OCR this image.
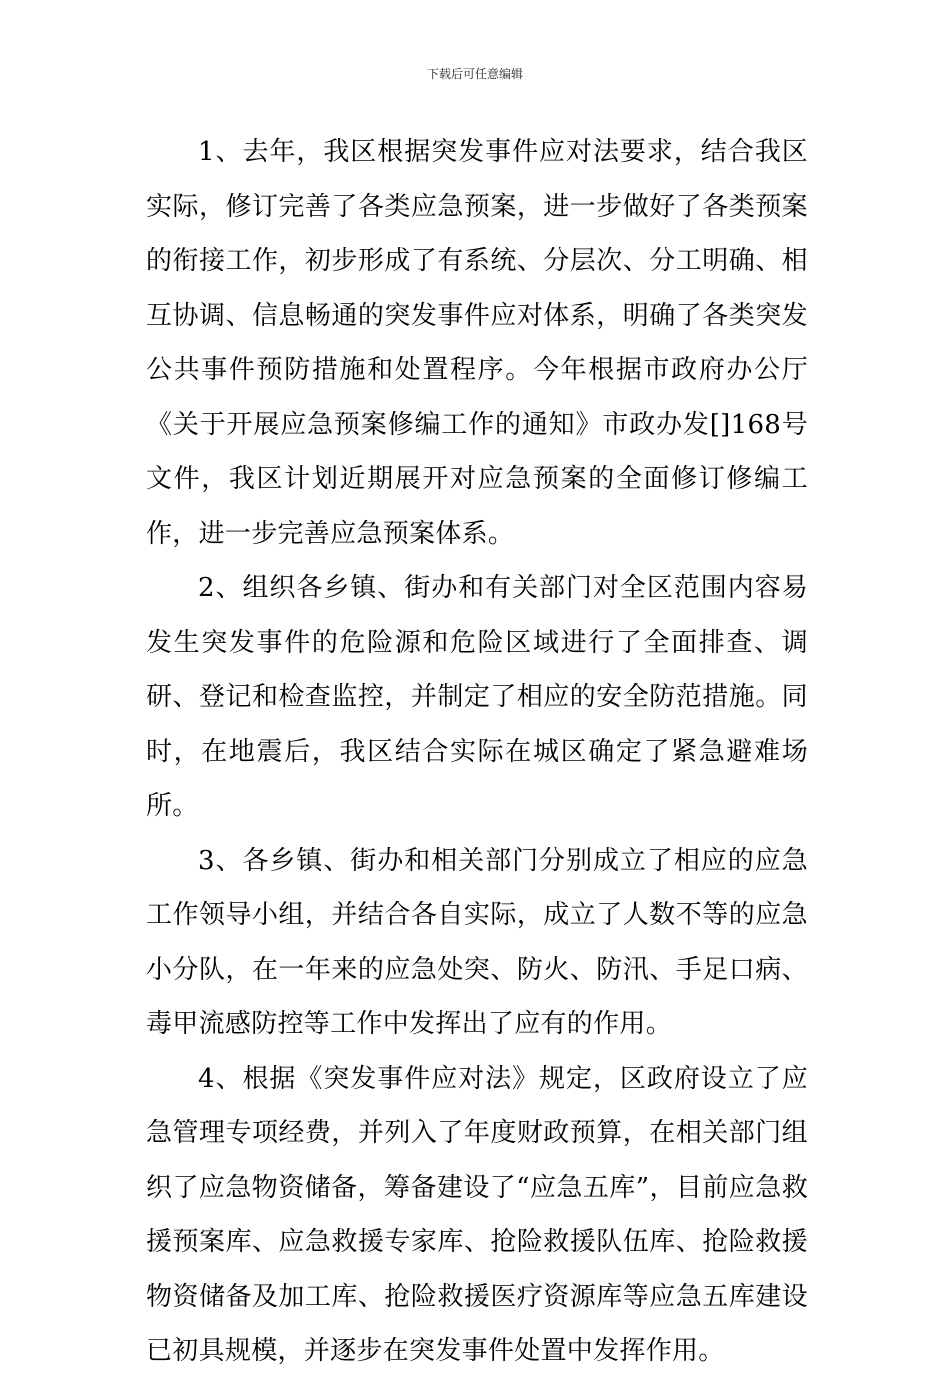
下载后可任意编辑

1、去年，我区根据突发事件应对法要求，结合我区实际，修订完善了各类应急预案，进一步做好了各类预案的衔接工作，初步形成了有系统、分层次、分工明确、相互协调、信息畅通的突发事件应对体系，明确了各类突发公共事件预防措施和处置程序。今年根据市政府办公厅《关于开展应急预案修编工作的通知》市政办发[]168号文件，我区计划近期展开对应急预案的全面修订修编工作，进一步完善应急预案体系。

2、组织各乡镇、街办和有关部门对全区范围内容易发生突发事件的危险源和危险区域进行了全面排查、调研、登记和检查监控，并制定了相应的安全防范措施。同时，在地震后，我区结合实际在城区确定了紧急避难场所。

3、各乡镇、街办和相关部门分别成立了相应的应急工作领导小组，并结合各自实际，成立了人数不等的应急小分队，在一年来的应急处突、防火、防汛、手足口病、毒甲流感防控等工作中发挥出了应有的作用。

4、根据《突发事件应对法》规定，区政府设立了应急管理专项经费，并列入了年度财政预算，在相关部门组织了应急物资储备，筹备建设了“应急五库”，目前应急救援预案库、应急救援专家库、抢险救援队伍库、抢险救援物资储备及加工库、抢险救援医疗资源库等应急五库建设已初具规模，并逐步在突发事件处置中发挥作用。
